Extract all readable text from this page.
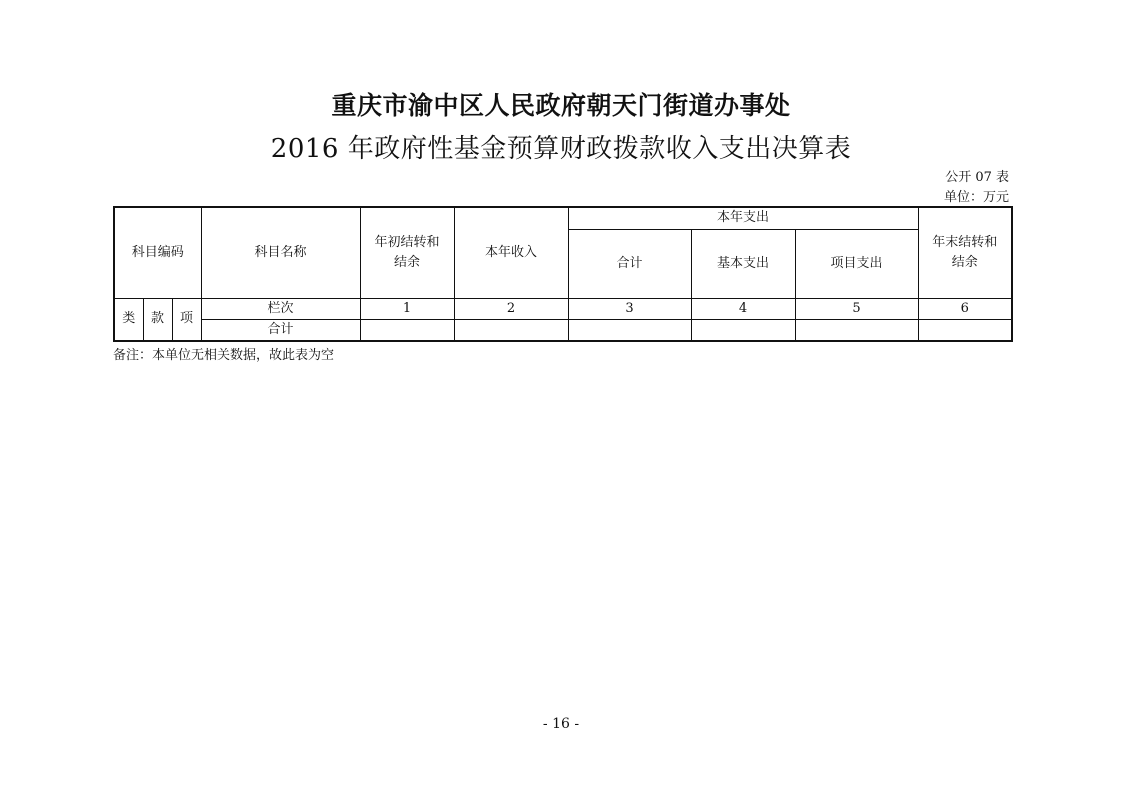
重庆市渝中区人民政府朝天门街道办事处
2016 年政府性基金预算财政拨款收入支出决算表
公开 07 表
单位：万元
科目编码			科目名称	年初结转和结余	本年收入	本年支出			年末结转和结余
						合计	基本支出	项目支出	
类	款	项	栏次	1	2	3	4	5	6
			合计						
备注：本单位无相关数据，故此表为空
- 16 -
